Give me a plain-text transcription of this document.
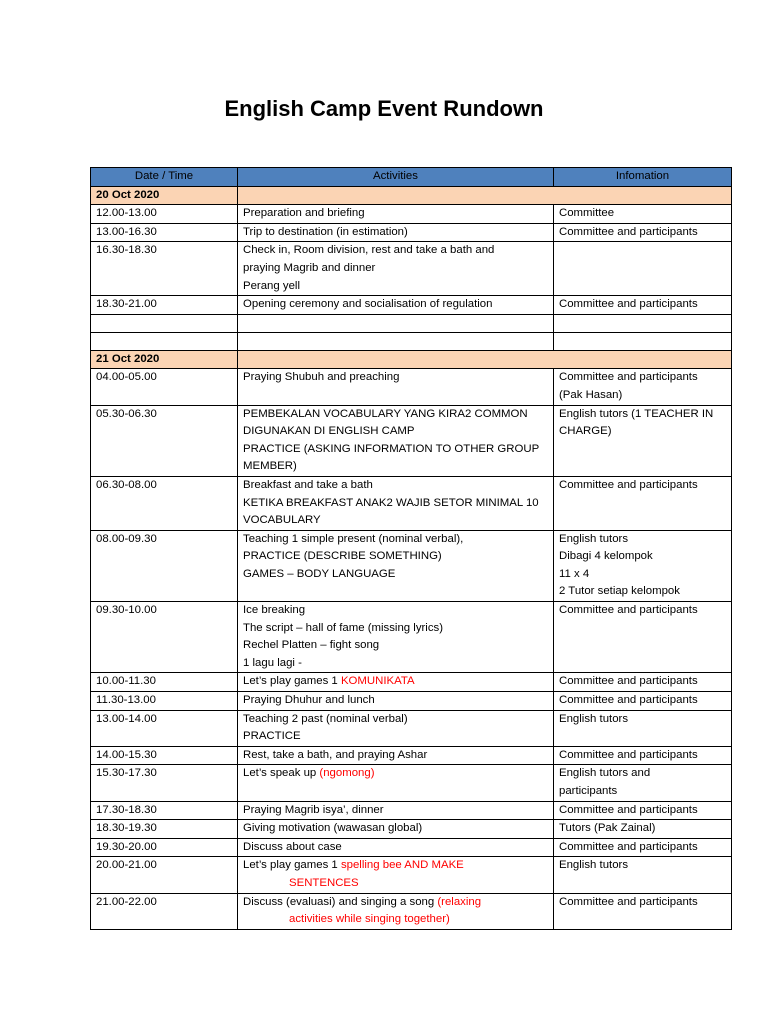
English Camp Event Rundown
Date / Time	Activities	Infomation
20 Oct 2020		
12.00-13.00	Preparation and briefing	Committee
13.00-16.30	Trip to destination (in estimation)	Committee and participants
16.30-18.30	Check in, Room division, rest and take a bath and
praying Magrib and dinner
Perang yell	
18.30-21.00	Opening ceremony and socialisation of regulation	Committee and participants

21 Oct 2020		
04.00-05.00	Praying Shubuh and preaching	Committee and participants
(Pak Hasan)
05.30-06.30	PEMBEKALAN VOCABULARY YANG KIRA2 COMMON
DIGUNAKAN DI ENGLISH CAMP
PRACTICE (ASKING INFORMATION TO OTHER GROUP
MEMBER)	English tutors (1 TEACHER IN
CHARGE)
06.30-08.00	Breakfast and take a bath
KETIKA BREAKFAST ANAK2 WAJIB SETOR MINIMAL 10
VOCABULARY	Committee and participants
08.00-09.30	Teaching 1 simple present (nominal verbal),
PRACTICE (DESCRIBE SOMETHING)
GAMES – BODY LANGUAGE	English tutors
Dibagi 4 kelompok
11 x 4
2 Tutor setiap kelompok
09.30-10.00	Ice breaking
The script – hall of fame (missing lyrics)
Rechel Platten – fight song
1 lagu lagi -	Committee and participants
10.00-11.30	Let’s play games 1 KOMUNIKATA	Committee and participants
11.30-13.00	Praying Dhuhur and lunch	Committee and participants
13.00-14.00	Teaching 2 past (nominal verbal)
PRACTICE	English tutors
14.00-15.30	Rest, take a bath, and praying Ashar	Committee and participants
15.30-17.30	Let’s speak up (ngomong)	English tutors and
participants
17.30-18.30	Praying Magrib isya’, dinner	Committee and participants
18.30-19.30	Giving motivation (wawasan global)	Tutors (Pak Zainal)
19.30-20.00	Discuss about case	Committee and participants
20.00-21.00	Let’s play games 1 spelling bee AND MAKE
SENTENCES	English tutors
21.00-22.00	Discuss (evaluasi) and singing a song (relaxing
activities while singing together)	Committee and participants
